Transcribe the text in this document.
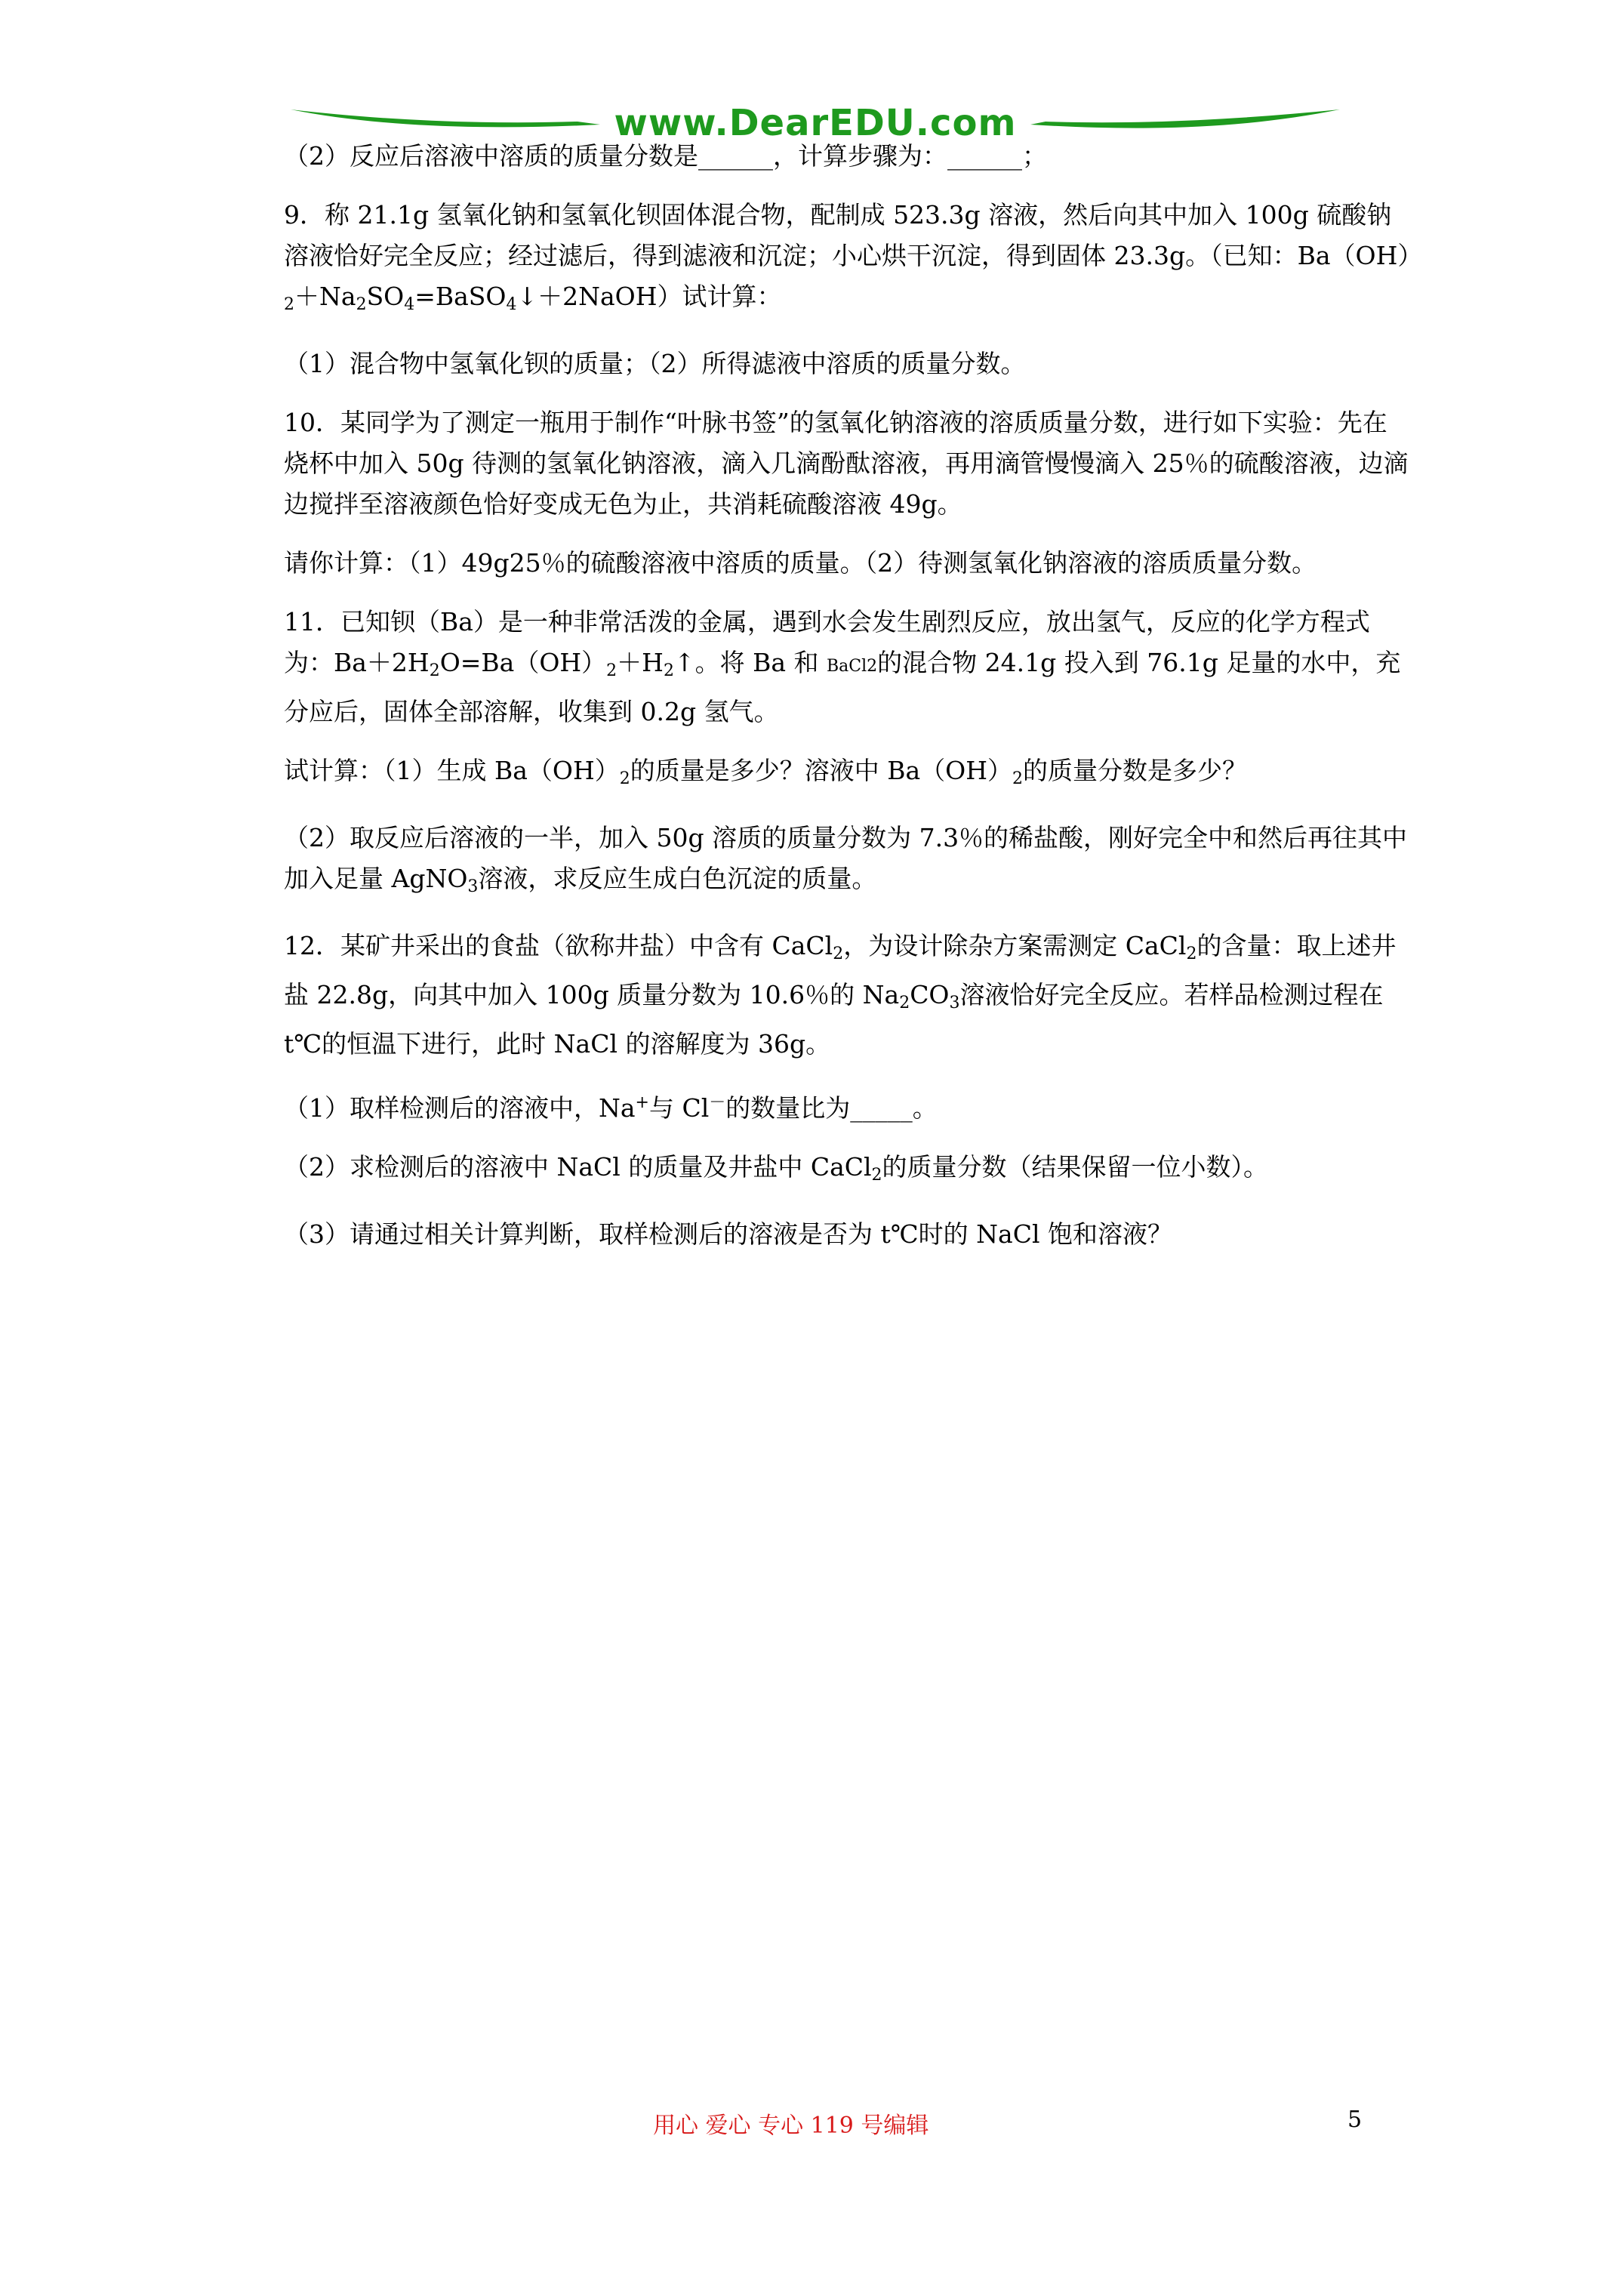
www.DearEDU.com

（2）反应后溶液中溶质的质量分数是______，计算步骤为：______；

9．称 21.1g 氢氧化钠和氢氧化钡固体混合物，配制成 523.3g 溶液，然后向其中加入 100g 硫酸钠溶液恰好完全反应；经过滤后，得到滤液和沉淀；小心烘干沉淀，得到固体 23.3g。（已知：$Ba(OH)_2+Na_2SO_4=BaSO_4↓+2NaOH$）试计算：

（1）混合物中氢氧化钡的质量；（2）所得滤液中溶质的质量分数。

10．某同学为了测定一瓶用于制作“叶脉书签”的氢氧化钠溶液的溶质质量分数，进行如下实验：先在烧杯中加入 50g 待测的氢氧化钠溶液，滴入几滴酚酞溶液，再用滴管慢慢滴入 25％的硫酸溶液，边滴边搅拌至溶液颜色恰好变成无色为止，共消耗硫酸溶液 49g。

请你计算：（1）49g25％的硫酸溶液中溶质的质量。（2）待测氢氧化钠溶液的溶质质量分数。

11．已知钡（Ba）是一种非常活泼的金属，遇到水会发生剧烈反应，放出氢气，反应的化学方程式为：$Ba+2H_2O=Ba(OH)_2+H_2↑$。将 Ba 和 BaCl2的混合物 24.1g 投入到 76.1g 足量的水中，充分应后，固体全部溶解，收集到 0.2g 氢气。

试计算：（1）生成 $Ba(OH)_2$的质量是多少？溶液中 $Ba(OH)_2$的质量分数是多少？

（2）取反应后溶液的一半，加入 50g 溶质的质量分数为 7.3％的稀盐酸，刚好完全中和然后再往其中加入足量 AgNO$_3$溶液，求反应生成白色沉淀的质量。

12．某矿井采出的食盐（欲称井盐）中含有 CaCl$_2$，为设计除杂方案需测定 CaCl$_2$的含量：取上述井盐 22.8g，向其中加入 100g 质量分数为 10.6％的 $Na_2CO_3$溶液恰好完全反应。若样品检测过程在 t℃的恒温下进行，此时 NaCl 的溶解度为 36g。

（1）取样检测后的溶液中，Na+与 Cl－的数量比为_____。

（2）求检测后的溶液中 NaCl 的质量及井盐中 CaCl$_2$的质量分数（结果保留一位小数）。

（3）请通过相关计算判断，取样检测后的溶液是否为 t℃时的 NaCl 饱和溶液？

用心 爱心 专心 119 号编辑	5
